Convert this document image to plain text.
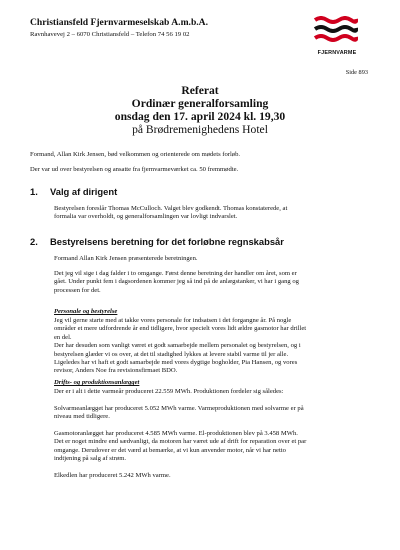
Christiansfeld Fjernvarmeselskab A.m.b.A.
Ravnhavevej 2 – 6070 Christiansfeld – Telefon 74 56 19 02
FJERNVARME
Side 893
Referat
Ordinær generalforsamling
onsdag den 17. april 2024 kl. 19,30
på Brødremenighedens Hotel
Formand, Allan Kirk Jensen, bød velkommen og orienterede om mødets forløb.
Der var ud over bestyrelsen og ansatte fra fjernvarmeværket ca. 50 fremmødte.
1. Valg af dirigent
Bestyrelsen foreslår Thomas McCulloch. Valget blev godkendt. Thomas konstaterede, at
formalia var overholdt, og generalforsamlingen var lovligt indvarslet.
2. Bestyrelsens beretning for det forløbne regnskabsår
Formand Allan Kirk Jensen præsenterede beretningen.
Det jeg vil sige i dag falder i to omgange. Først denne beretning der handler om året, som er
gået. Under punkt fem i dagsordenen kommer jeg så ind på de anlægstanker, vi har i gang og
processen for det.
Personale og bestyrelse
Jeg vil gerne starte med at takke vores personale for indsatsen i det forgangne år. På nogle
områder et mere udfordrende år end tidligere, hvor specielt vores lidt ældre gasmotor har drillet
en del.
Der har desuden som vanligt været et godt samarbejde mellem personalet og bestyrelsen, og i
bestyrelsen glæder vi os over, at det til stadighed lykkes at levere stabil varme til jer alle.
Ligeledes har vi haft et godt samarbejde med vores dygtige bogholder, Pia Hansen, og vores
revisor, Anders Noe fra revisionsfirmaet BDO.
Drifts- og produktionsanlægget
Der er i alt i dette varmeår produceret 22.559 MWh. Produktionen fordeler sig således:
Solvarmeanlægget har produceret 5.052 MWh varme. Varmeproduktionen med solvarme er på
niveau med tidligere.
Gasmotoranlægget har produceret 4.585 MWh varme. El-produktionen blev på 3.458 MWh.
Det er noget mindre end sædvanligt, da motoren har været ude af drift for reparation over et par
omgange. Derudover er det værd at bemærke, at vi kun anvender motor, når vi har netto
indtjening på salg af strøm.
Elkedlen har produceret 5.242 MWh varme.
